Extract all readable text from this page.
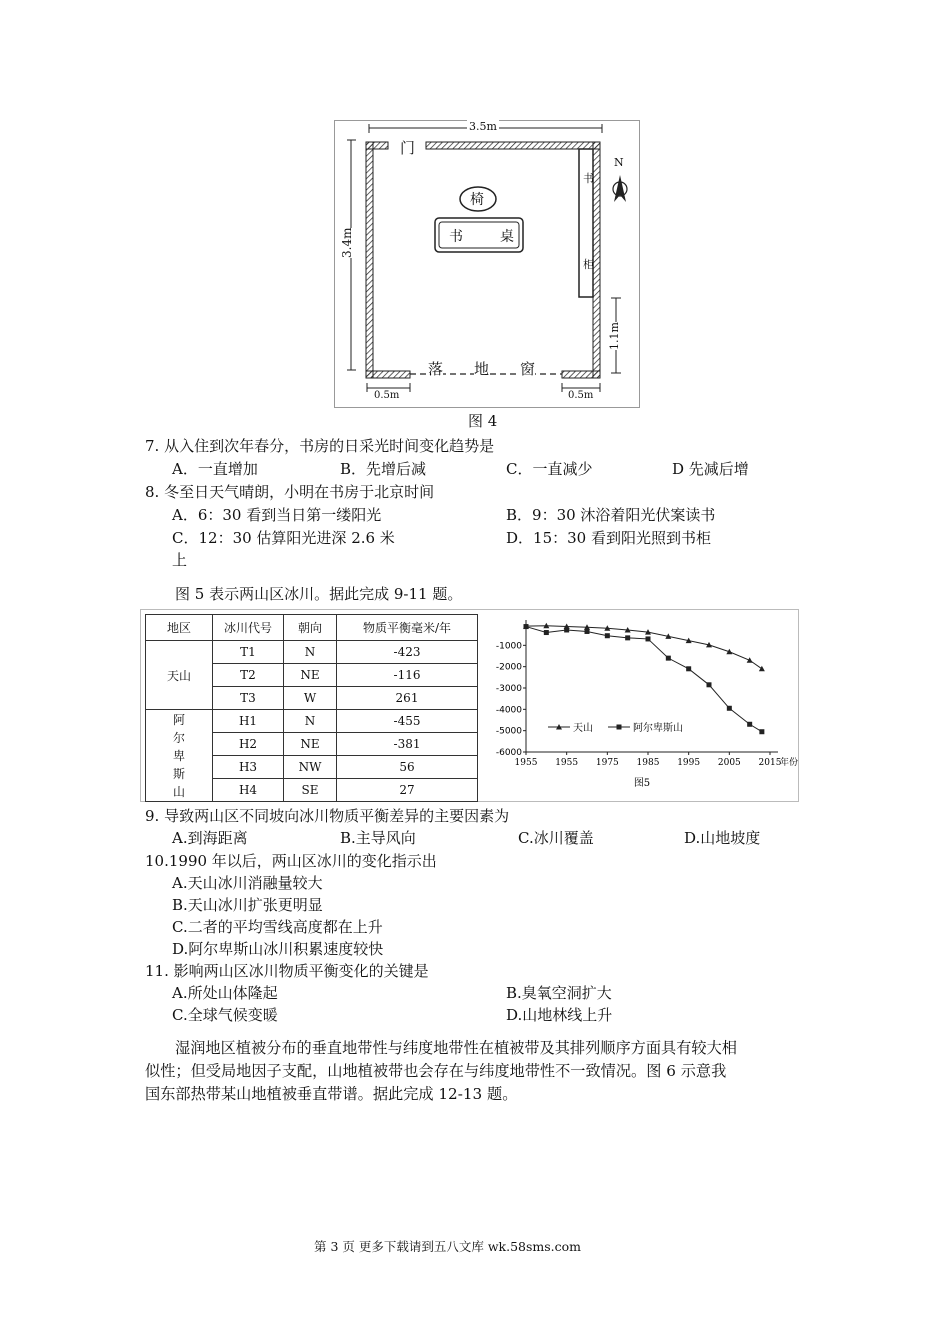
3.5m
3.4m
门
椅
书	桌
书
柜
N
1.1m
落 地 窗
0.5m	0.5m
图 4
7. 从入住到次年春分，书房的日采光时间变化趋势是
A．一直增加	B．先增后减	C．一直减少	D 先减后增
8. 冬至日天气晴朗，小明在书房于北京时间
A．6：30 看到当日第一缕阳光	B．9：30 沐浴着阳光伏案读书
C．12：30 估算阳光进深 2.6 米
上
D．15：30 看到阳光照到书柜
图 5 表示两山区冰川。据此完成 9-11 题。
地区	冰川代号	朝向	物质平衡毫米/年
天山	T1	N	-423
	T2	NE	-116
	T3	W	261

阿尔卑斯山	H1	N	-455
	H2	NE	-381
	H3	NW	56
	H4	SE	27
-1000
-2000
-3000
-4000
-5000
-6000
1955 1955 1975 1985 1995 2005 2015
年份
图5
天山	阿尔卑斯山
9. 导致两山区不同坡向冰川物质平衡差异的主要因素为
A.到海距离	B.主导风向	C.冰川覆盖	D.山地坡度
10.1990 年以后，两山区冰川的变化指示出
A.天山冰川消融量较大
B.天山冰川扩张更明显
C.二者的平均雪线高度都在上升
D.阿尔卑斯山冰川积累速度较快
11. 影响两山区冰川物质平衡变化的关键是
A.所处山体隆起	B.臭氧空洞扩大
C.全球气候变暖	D.山地林线上升
湿润地区植被分布的垂直地带性与纬度地带性在植被带及其排列顺序方面具有较大相
似性；但受局地因子支配，山地植被带也会存在与纬度地带性不一致情况。图 6 示意我
国东部热带某山地植被垂直带谱。据此完成 12-13 题。
第 3 页 更多下载请到五八文库 wk.58sms.com
